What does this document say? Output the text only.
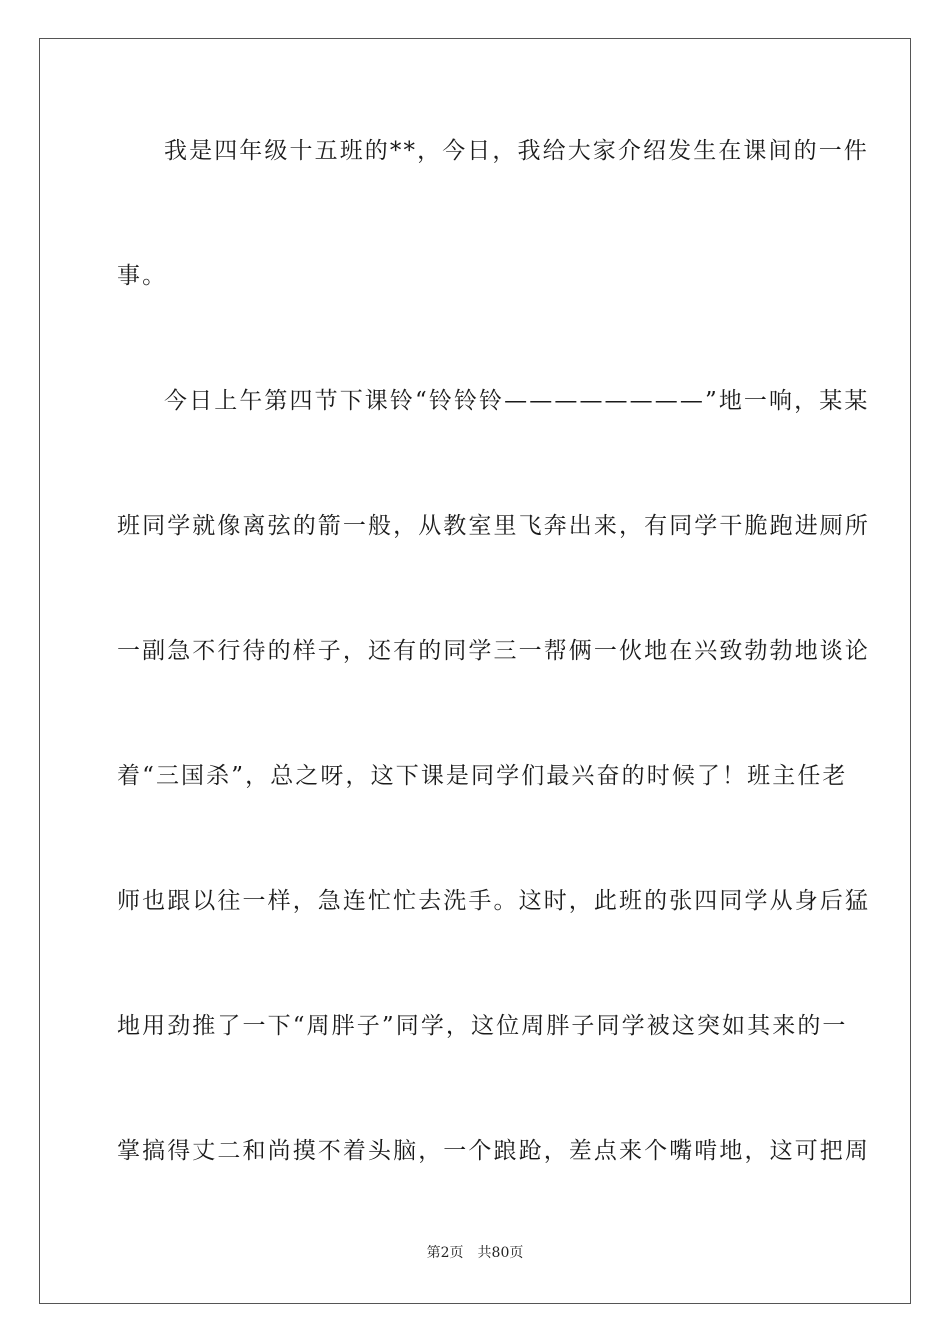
我是四年级十五班的**，今日，我给大家介绍发生在课间的一件
事。
今日上午第四节下课铃“铃铃铃————————”地一响，某某
班同学就像离弦的箭一般，从教室里飞奔出来，有同学干脆跑进厕所
一副急不行待的样子，还有的同学三一帮俩一伙地在兴致勃勃地谈论
着“三国杀”，总之呀，这下课是同学们最兴奋的时候了！班主任老
师也跟以往一样，急连忙忙去洗手。这时，此班的张四同学从身后猛
地用劲推了一下“周胖子”同学，这位周胖子同学被这突如其来的一
掌搞得丈二和尚摸不着头脑，一个踉跄，差点来个嘴啃地，这可把周
第2页　共80页
